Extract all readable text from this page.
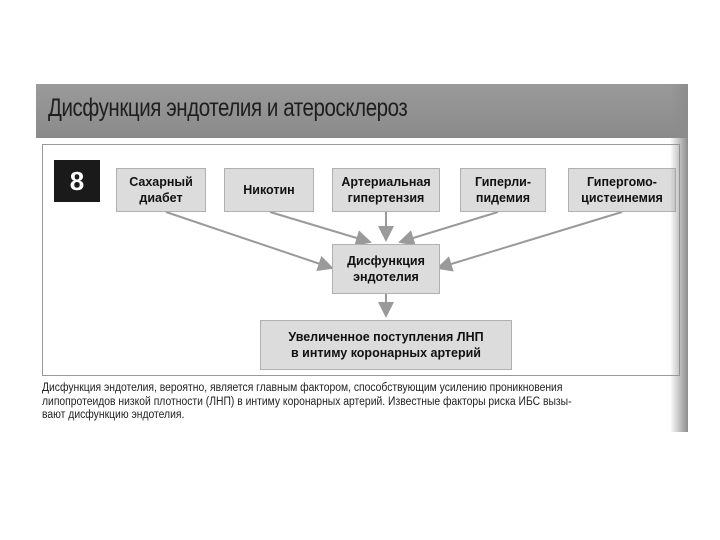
Дисфункция эндотелия и атеросклероз
8	Сахарный
диабет
Никотин
Артериальная
гипертензия
Гиперли-
пидемия
Гипергомо-
цистеинемия
Дисфункция
эндотелия
Увеличенное поступления ЛНП
в интиму коронарных артерий
Дисфункция эндотелия, вероятно, является главным фактором, способствующим усилению проникновения
липопротеидов низкой плотности (ЛНП) в интиму коронарных артерий. Известные факторы риска ИБС вызы-
вают дисфункцию эндотелия.
